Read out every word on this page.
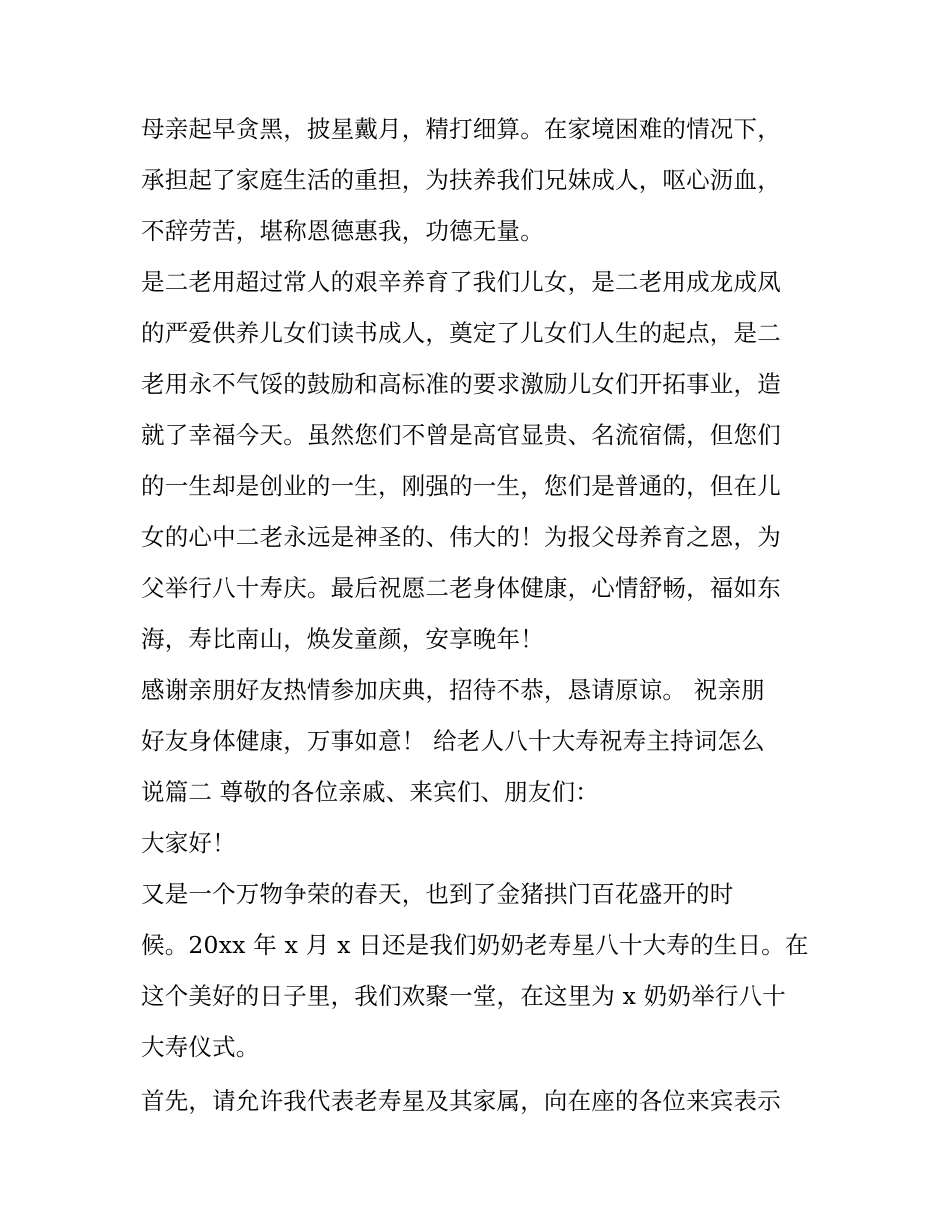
母亲起早贪黑，披星戴月，精打细算。在家境困难的情况下，

承担起了家庭生活的重担，为扶养我们兄妹成人，呕心沥血，

不辞劳苦，堪称恩德惠我，功德无量。

是二老用超过常人的艰辛养育了我们儿女，是二老用成龙成凤

的严爱供养儿女们读书成人，奠定了儿女们人生的起点，是二

老用永不气馁的鼓励和高标准的要求激励儿女们开拓事业，造

就了幸福今天。虽然您们不曾是高官显贵、名流宿儒，但您们

的一生却是创业的一生，刚强的一生，您们是普通的，但在儿

女的心中二老永远是神圣的、伟大的！为报父母养育之恩，为

父举行八十寿庆。最后祝愿二老身体健康，心情舒畅，福如东

海，寿比南山，焕发童颜，安享晚年！

感谢亲朋好友热情参加庆典，招待不恭，恳请原谅。 祝亲朋

好友身体健康，万事如意！ 给老人八十大寿祝寿主持词怎么

说篇二 尊敬的各位亲戚、来宾们、朋友们：

大家好！

又是一个万物争荣的春天，也到了金猪拱门百花盛开的时

候。20xx 年 x 月 x 日还是我们奶奶老寿星八十大寿的生日。在

这个美好的日子里，我们欢聚一堂，在这里为 x 奶奶举行八十

大寿仪式。

首先，请允许我代表老寿星及其家属，向在座的各位来宾表示
